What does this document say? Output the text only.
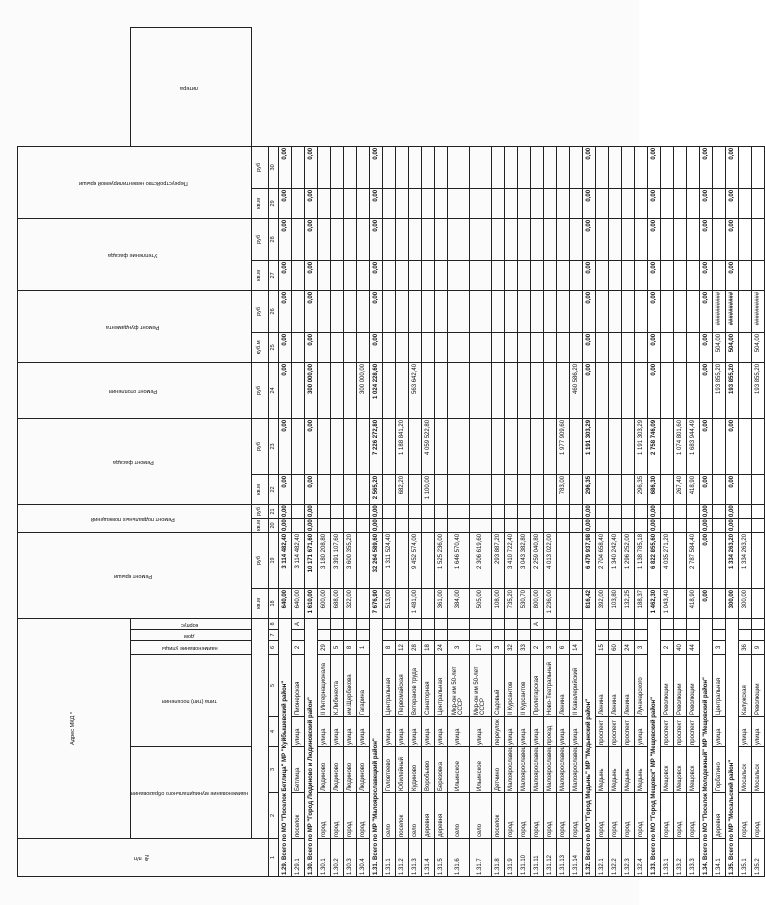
№ п/п	Адрес МКД *							Ремонт крыши		Ремонт подвальных помещений		Ремонт фасада		Ремонт отопления	Ремонт фундамента		Утепление фасада		Переустройство невентилируемой крыши		
	наименование муниципального образования		типа (тип) поселения		наименование улицы	дом	корпус														литера
								кв.м	руб	кв.м	руб	кв.м	руб	руб	куб.м	руб	кв.м	руб	кв.м	руб	
1	2	3	4	5	6	7	8	18	19	20	21	22	23	24	25	26	27	28	29	30	
1.29. Всего по МО "Поселок Бетлица" МР "Куйбышевский район"								640,00	3 114 482,40	0,00	0,00	0,00	0,00	0,00	0,00	0,00	0,00	0,00	0,00	0,00	
1.29.1	поселок	Бетлица	улица	Пионерская	2		А	640,00	3 114 482,40												
1.30. Всего по МР "Город Людиново и Людиновский район"								1 610,00	10 171 671,60	0,00	0,00	0,00	0,00	300 000,00	0,00	0,00	0,00	0,00	0,00	0,00	
1.30.1	город	Людиново	улица	Il Интернационала	29			600,00	3 180 208,80												
1.30.2	город	Людиново	улица	К.Либкнехта	5			688,00	3 391 107,60												
1.30.3	город	Людиново	улица	им.Щербакова	8			322,00	3 600 355,20												
1.30.4	город	Людиново	улица	Гагарина	1									300 000,00							
1.31. Всего по МР "Малоярославецкий район"								7 676,90	32 264 589,60	0,00	0,00	2 565,20	7 226 272,80	1 024 228,60	0,00	0,00	0,00	0,00	0,00	0,00	
1.31.1	село	Головтеево	улица	Центральная	8			513,00	1 311 524,40												
1.31.2	поселок	Юбилейный	улица	Первомайская	12							682,20	1 188 841,20								
1.31.3	село	Кудиново	улица	Ветеранов труда	28			1 481,00	9 452 574,00					563 642,40							
1.31.4	деревня	Воробьево	улица	Санаторная	18							1 100,00	4 059 522,80								
1.31.5	деревня	Березовка	улица	Центральная	24			361,00	1 525 236,00												
1.31.6	село	Ильинское	улица	Мкр-он им 50-лет СССР	3			384,00	1 646 570,40												
1.31.7	село	Ильинское	улица	Мкр-он им 50-лет СССР	17			505,00	2 306 619,60												
1.31.8	поселок	Детчино	переулок	Садовый	3			108,00	293 887,20												
1.31.9	город	Малоярославец	улица	Il Курсантов	32			735,20	3 410 722,40												
1.31.10	город	Малоярославец	улица	Il Курсантов	33			530,70	3 043 382,80												
1.31.11	город	Малоярославец	улица	Пролетарская	2		А	800,00	2 259 040,80												
1.31.12	город	Малоярославец	проезд	Ново-Театральный	3			1 236,00	4 013 022,00												
1.31.13	город	Малоярославец	улица	Ленина	6							783,00	1 977 909,60								
1.31.14	город	Малоярославец	улица	Il Кавалерийский	14									460 586,20							
1.32. Всего по МО "Город Медынь" МР "Медынский район"								816,42	6 479 937,98	0,00	0,00	296,35	1 191 303,29	0,00	0,00	0,00	0,00	0,00	0,00	0,00	
1.32.1	город	Медынь	проспект	Ленина	15			392,00	2 704 658,40												
1.32.2	город	Медынь	проспект	Ленина	60			103,80	1 340 242,40												
1.32.3	город	Медынь	проспект	Ленина	24			132,25	1 296 252,00												
1.32.4	город	Медынь	улица	Луначарского	3			188,37	1 138 785,18			296,35	1 191 303,29								
1.33. Всего по МО "Город Мещовск" МР "Мещовский район"								1 462,30	6 822 855,60	0,00	0,00	686,30	2 758 746,09	0,00	0,00	0,00	0,00	0,00	0,00	0,00	
1.33.1	город	Мещовск	проспект	Революции	2			1 043,40	4 035 271,20												
1.33.2	город	Мещовск	проспект	Революции	40							267,40	1 074 801,60								
1.33.3	город	Мещовск	проспект	Революции	44			418,90	2 787 584,40			418,90	1 683 944,49								
1.34. Всего по МО "Поселок Молодежный" МР "Мещовский район"								0,00	0,00	0,00	0,00	0,00	0,00	0,00	0,00	0,00	0,00	0,00	0,00	0,00	
1.34.1	деревня	Горбатино	улица	Центральная	3									193 855,20	504,00	##########					
1.35. Всего по МР "Мосальский район"								300,00	1 334 263,20	0,00	0,00	0,00	0,00	193 855,20	504,00	##########	0,00	0,00	0,00	0,00	
1.35.1	город	Мосальск	улица	Калужская	36			300,00	1 334 263,20												
1.35.2	город	Мосальск	улица	Революции	9									193 855,20	504,00	##########					
